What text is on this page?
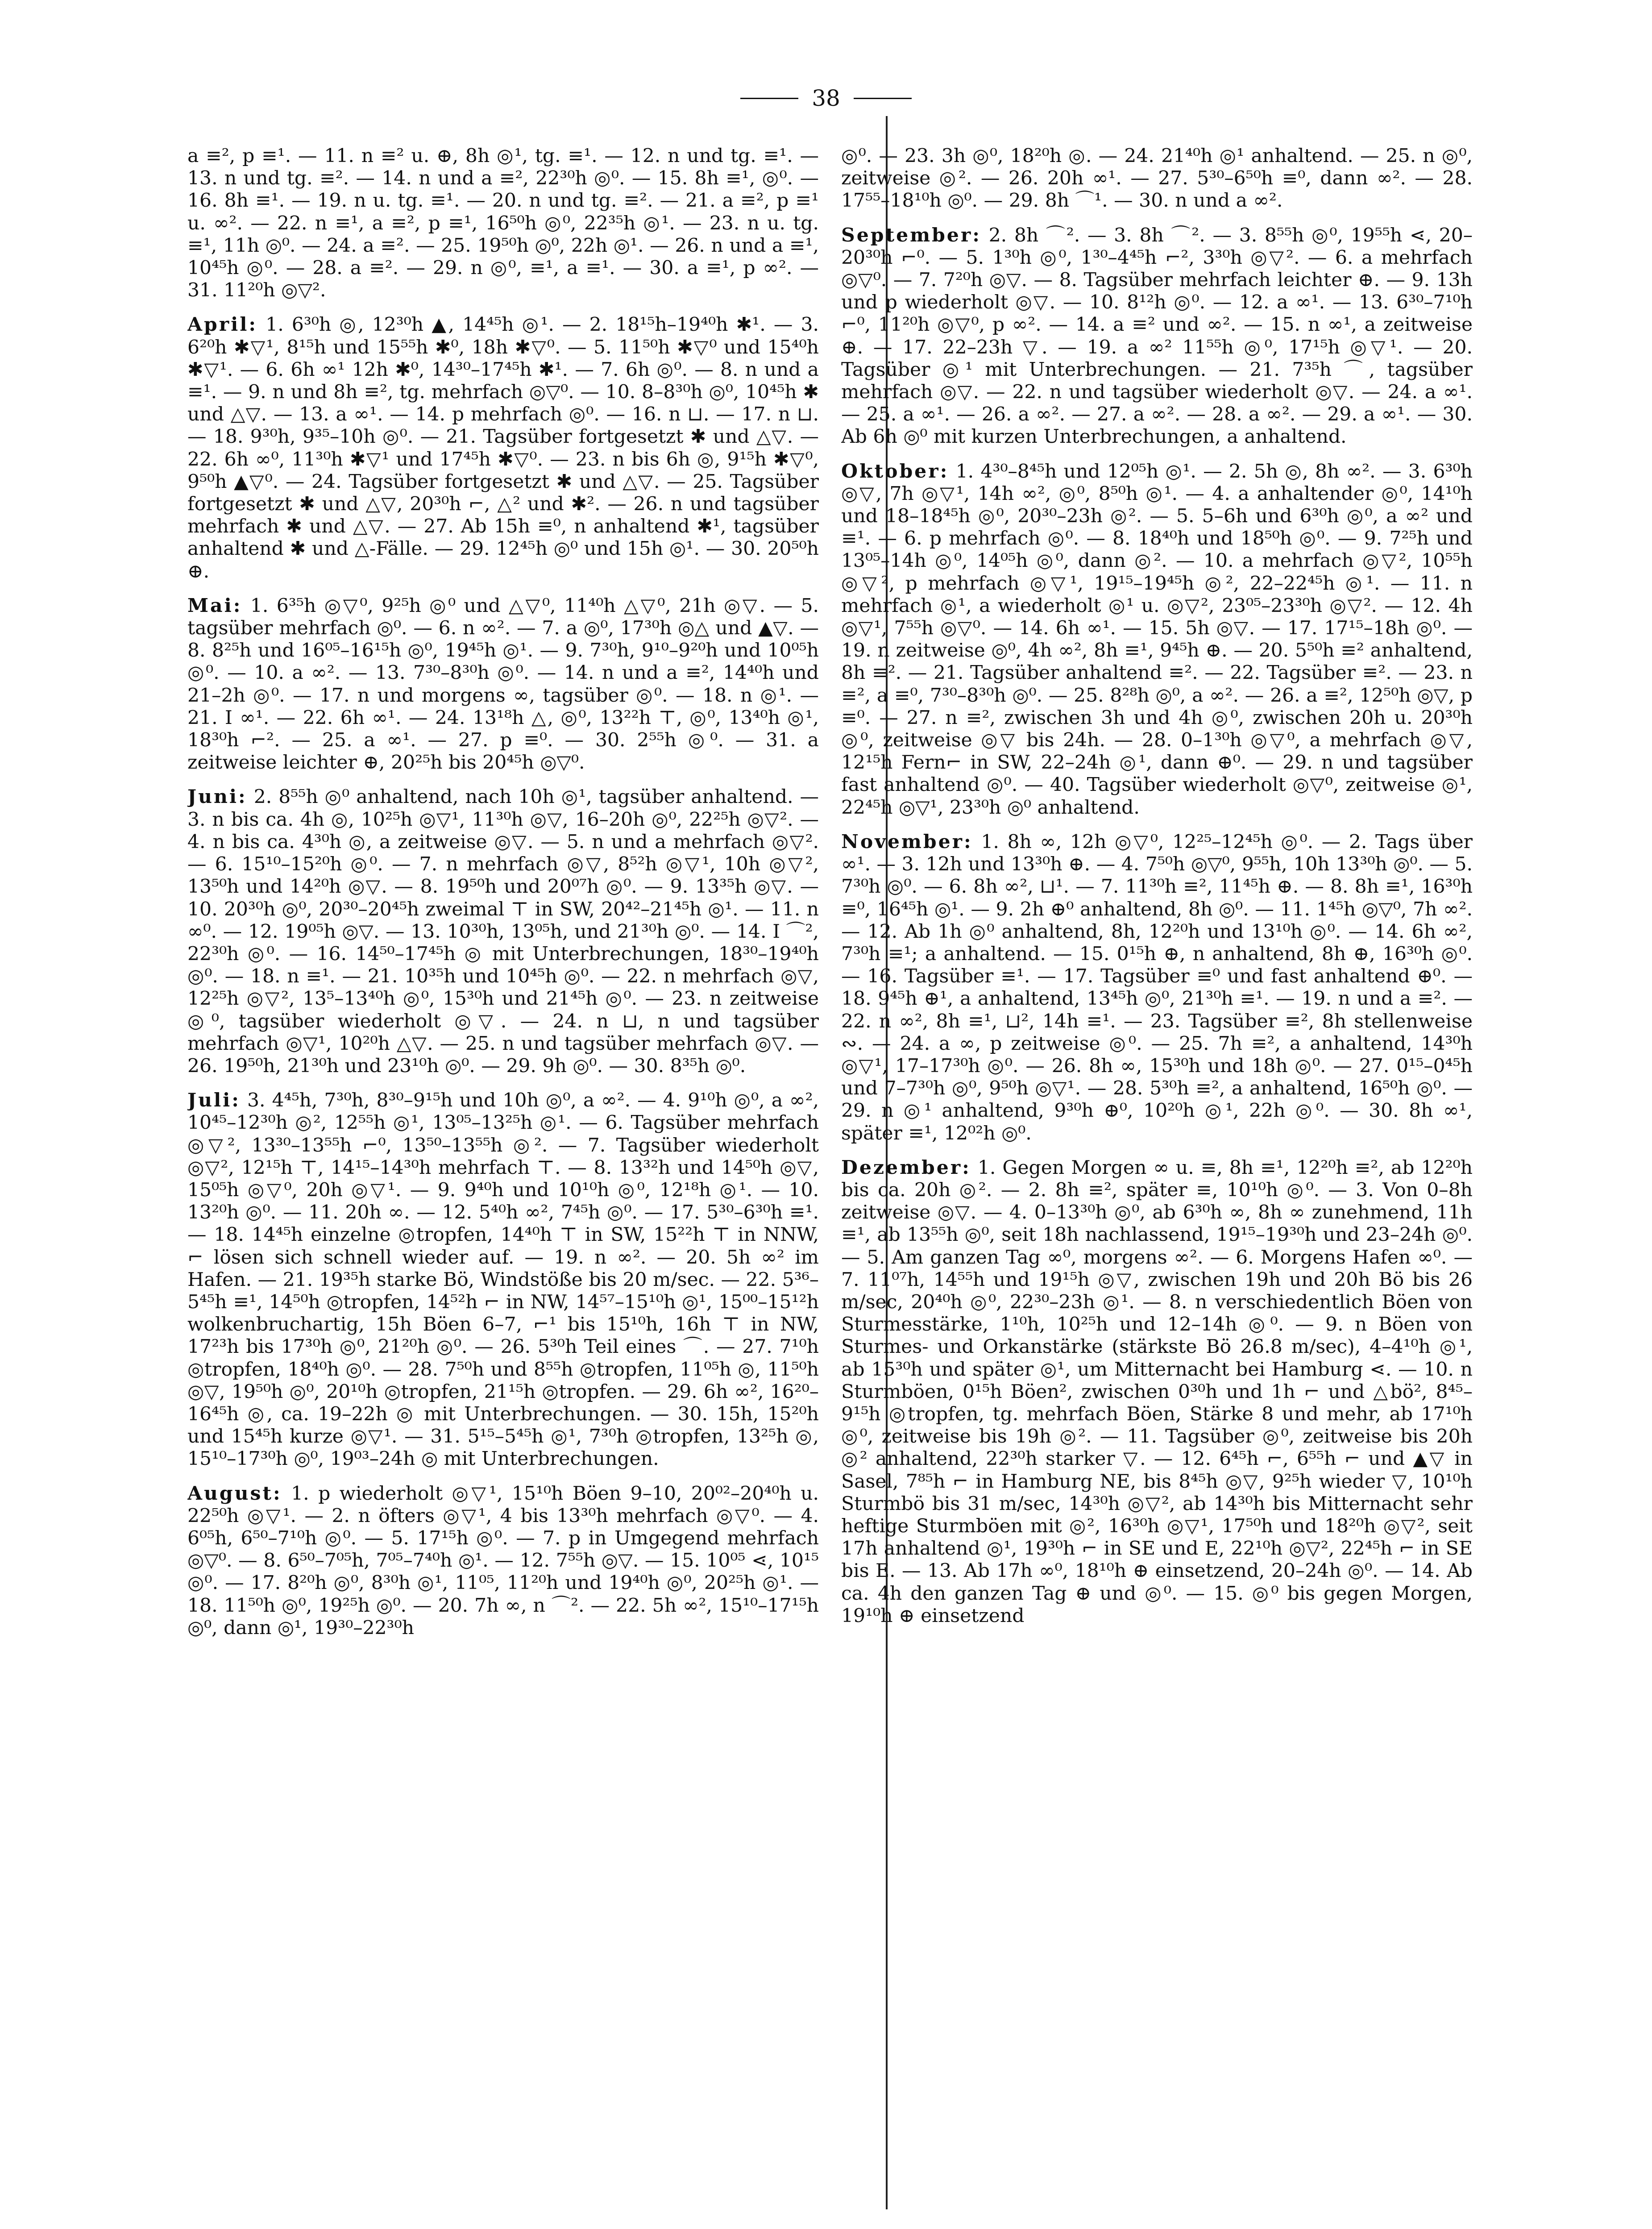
38

a ≡², p ≡¹. — 11. n ≡² u. ⊕, 8h ◎¹, tg. ≡¹. — 12. n und tg. ≡¹. — 13. n und tg. ≡². — 14. n und a ≡², 22³⁰h ◎⁰. — 15. 8h ≡¹, ◎⁰. — 16. 8h ≡¹. — 19. n u. tg. ≡¹. — 20. n und tg. ≡². — 21. a ≡², p ≡¹ u. ∞². — 22. n ≡¹, a ≡², p ≡¹, 16⁵⁰h ◎⁰, 22³⁵h ◎¹. — 23. n u. tg. ≡¹, 11h ◎⁰. — 24. a ≡². — 25. 19⁵⁰h ◎⁰, 22h ◎¹. — 26. n und a ≡¹, 10⁴⁵h ◎⁰. — 28. a ≡². — 29. n ◎⁰, ≡¹, a ≡¹. — 30. a ≡¹, p ∞². — 31. 11²⁰h ◎▽².

April: 1. 6³⁰h ◎, 12³⁰h ▲, 14⁴⁵h ◎¹. — 2. 18¹⁵h–19⁴⁰h ✱¹. — 3. 6²⁰h ✱▽¹, 8¹⁵h und 15⁵⁵h ✱⁰, 18h ✱▽⁰. — 5. 11⁵⁰h ✱▽⁰ und 15⁴⁰h ✱▽¹. — 6. 6h ∞¹ 12h ✱⁰, 14³⁰–17⁴⁵h ✱¹. — 7. 6h ◎⁰. — 8. n und a ≡¹. — 9. n und 8h ≡², tg. mehrfach ◎▽⁰. — 10. 8–8³⁰h ◎⁰, 10⁴⁵h ✱ und △▽. — 13. a ∞¹. — 14. p mehrfach ◎⁰. — 16. n ⊔. — 17. n ⊔. — 18. 9³⁰h, 9³⁵–10h ◎⁰. — 21. Tagsüber fortgesetzt ✱ und △▽. — 22. 6h ∞⁰, 11³⁰h ✱▽¹ und 17⁴⁵h ✱▽⁰. — 23. n bis 6h ◎, 9¹⁵h ✱▽⁰, 9⁵⁰h ▲▽⁰. — 24. Tagsüber fortgesetzt ✱ und △▽. — 25. Tagsüber fortgesetzt ✱ und △▽, 20³⁰h ⌐, △² und ✱². — 26. n und tagsüber mehrfach ✱ und △▽. — 27. Ab 15h ≡⁰, n anhaltend ✱¹, tagsüber anhaltend ✱ und △-Fälle. — 29. 12⁴⁵h ◎⁰ und 15h ◎¹. — 30. 20⁵⁰h ⊕.

Mai: 1. 6³⁵h ◎▽⁰, 9²⁵h ◎⁰ und △▽⁰, 11⁴⁰h △▽⁰, 21h ◎▽. — 5. tagsüber mehrfach ◎⁰. — 6. n ∞². — 7. a ◎⁰, 17³⁰h ◎△ und ▲▽. — 8. 8²⁵h und 16⁰⁵–16¹⁵h ◎⁰, 19⁴⁵h ◎¹. — 9. 7³⁰h, 9¹⁰–9²⁰h und 10⁰⁵h ◎⁰. — 10. a ∞². — 13. 7³⁰–8³⁰h ◎⁰. — 14. n und a ≡², 14⁴⁰h und 21–2h ◎⁰. — 17. n und morgens ∞, tagsüber ◎⁰. — 18. n ◎¹. — 21. I ∞¹. — 22. 6h ∞¹. — 24. 13¹⁸h △, ◎⁰, 13²²h ⊤, ◎⁰, 13⁴⁰h ◎¹, 18³⁰h ⌐². — 25. a ∞¹. — 27. p ≡⁰. — 30. 2⁵⁵h ◎⁰. — 31. a zeitweise leichter ⊕, 20²⁵h bis 20⁴⁵h ◎▽⁰.

Juni: 2. 8⁵⁵h ◎⁰ anhaltend, nach 10h ◎¹, tagsüber anhaltend. — 3. n bis ca. 4h ◎, 10²⁵h ◎▽¹, 11³⁰h ◎▽, 16–20h ◎⁰, 22²⁵h ◎▽². — 4. n bis ca. 4³⁰h ◎, a zeitweise ◎▽. — 5. n und a mehrfach ◎▽². — 6. 15¹⁰–15²⁰h ◎⁰. — 7. n mehrfach ◎▽, 8⁵²h ◎▽¹, 10h ◎▽², 13⁵⁰h und 14²⁰h ◎▽. — 8. 19⁵⁰h und 20⁰⁷h ◎⁰. — 9. 13³⁵h ◎▽. — 10. 20³⁰h ◎⁰, 20³⁰–20⁴⁵h zweimal ⊤ in SW, 20⁴²–21⁴⁵h ◎¹. — 11. n ∞⁰. — 12. 19⁰⁵h ◎▽. — 13. 10³⁰h, 13⁰⁵h, und 21³⁰h ◎⁰. — 14. I ⌒², 22³⁰h ◎⁰. — 16. 14⁵⁰–17⁴⁵h ◎ mit Unterbrechungen, 18³⁰–19⁴⁰h ◎⁰. — 18. n ≡¹. — 21. 10³⁵h und 10⁴⁵h ◎⁰. — 22. n mehrfach ◎▽, 12²⁵h ◎▽², 13⁵–13⁴⁰h ◎⁰, 15³⁰h und 21⁴⁵h ◎⁰. — 23. n zeitweise ◎⁰, tagsüber wiederholt ◎▽. — 24. n ⊔, n und tagsüber mehrfach ◎▽¹, 10²⁰h △▽. — 25. n und tagsüber mehrfach ◎▽. — 26. 19⁵⁰h, 21³⁰h und 23¹⁰h ◎⁰. — 29. 9h ◎⁰. — 30. 8³⁵h ◎⁰.

Juli: 3. 4⁴⁵h, 7³⁰h, 8³⁰–9¹⁵h und 10h ◎⁰, a ∞². — 4. 9¹⁰h ◎⁰, a ∞², 10⁴⁵–12³⁰h ◎², 12⁵⁵h ◎¹, 13⁰⁵–13²⁵h ◎¹. — 6. Tagsüber mehrfach ◎▽², 13³⁰–13⁵⁵h ⌐⁰, 13⁵⁰–13⁵⁵h ◎². — 7. Tagsüber wiederholt ◎▽², 12¹⁵h ⊤, 14¹⁵–14³⁰h mehrfach ⊤. — 8. 13³²h und 14⁵⁰h ◎▽, 15⁰⁵h ◎▽⁰, 20h ◎▽¹. — 9. 9⁴⁰h und 10¹⁰h ◎⁰, 12¹⁸h ◎¹. — 10. 13²⁰h ◎⁰. — 11. 20h ∞. — 12. 5⁴⁰h ∞², 7⁴⁵h ◎⁰. — 17. 5³⁰–6³⁰h ≡¹. — 18. 14⁴⁵h einzelne ◎tropfen, 14⁴⁰h ⊤ in SW, 15²²h ⊤ in NNW, ⌐ lösen sich schnell wieder auf. — 19. n ∞². — 20. 5h ∞² im Hafen. — 21. 19³⁵h starke Bö, Windstöße bis 20 m/sec. — 22. 5³⁶–5⁴⁵h ≡¹, 14⁵⁰h ◎tropfen, 14⁵²h ⌐ in NW, 14⁵⁷–15¹⁰h ◎¹, 15⁰⁰–15¹²h wolkenbruchartig, 15h Böen 6–7, ⌐¹ bis 15¹⁰h, 16h ⊤ in NW, 17²³h bis 17³⁰h ◎⁰, 21²⁰h ◎⁰. — 26. 5³⁰h Teil eines ⌒. — 27. 7¹⁰h ◎tropfen, 18⁴⁰h ◎⁰. — 28. 7⁵⁰h und 8⁵⁵h ◎tropfen, 11⁰⁵h ◎, 11⁵⁰h ◎▽, 19⁵⁰h ◎⁰, 20¹⁰h ◎tropfen, 21¹⁵h ◎tropfen. — 29. 6h ∞², 16²⁰–16⁴⁵h ◎, ca. 19–22h ◎ mit Unterbrechungen. — 30. 15h, 15²⁰h und 15⁴⁵h kurze ◎▽¹. — 31. 5¹⁵–5⁴⁵h ◎¹, 7³⁰h ◎tropfen, 13²⁵h ◎, 15¹⁰–17³⁰h ◎⁰, 19⁰³–24h ◎ mit Unterbrechungen.

August: 1. p wiederholt ◎▽¹, 15¹⁰h Böen 9–10, 20⁰²–20⁴⁰h u. 22⁵⁰h ◎▽¹. — 2. n öfters ◎▽¹, 4 bis 13³⁰h mehrfach ◎▽⁰. — 4. 6⁰⁵h, 6⁵⁰–7¹⁰h ◎⁰. — 5. 17¹⁵h ◎⁰. — 7. p in Umgegend mehrfach ◎▽⁰. — 8. 6⁵⁰–7⁰⁵h, 7⁰⁵–7⁴⁰h ◎¹. — 12. 7⁵⁵h ◎▽. — 15. 10⁰⁵ ⋖, 10¹⁵ ◎⁰. — 17. 8²⁰h ◎⁰, 8³⁰h ◎¹, 11⁰⁵, 11²⁰h und 19⁴⁰h ◎⁰, 20²⁵h ◎¹. — 18. 11⁵⁰h ◎⁰, 19²⁵h ◎⁰. — 20. 7h ∞, n ⌒². — 22. 5h ∞², 15¹⁰–17¹⁵h ◎⁰, dann ◎¹, 19³⁰–22³⁰h

◎⁰. — 23. 3h ◎⁰, 18²⁰h ◎. — 24. 21⁴⁰h ◎¹ anhaltend. — 25. n ◎⁰, zeitweise ◎². — 26. 20h ∞¹. — 27. 5³⁰–6⁵⁰h ≡⁰, dann ∞². — 28. 17⁵⁵–18¹⁰h ◎⁰. — 29. 8h ⌒¹. — 30. n und a ∞².

September: 2. 8h ⌒². — 3. 8h ⌒². — 3. 8⁵⁵h ◎⁰, 19⁵⁵h ⋖, 20–20³⁰h ⌐⁰. — 5. 1³⁰h ◎⁰, 1³⁰–4⁴⁵h ⌐², 3³⁰h ◎▽². — 6. a mehrfach ◎▽⁰. — 7. 7²⁰h ◎▽. — 8. Tagsüber mehrfach leichter ⊕. — 9. 13h und p wiederholt ◎▽. — 10. 8¹²h ◎⁰. — 12. a ∞¹. — 13. 6³⁰–7¹⁰h ⌐⁰, 11²⁰h ◎▽⁰, p ∞². — 14. a ≡² und ∞². — 15. n ∞¹, a zeitweise ⊕. — 17. 22–23h ▽. — 19. a ∞² 11⁵⁵h ◎⁰, 17¹⁵h ◎▽¹. — 20. Tagsüber ◎¹ mit Unterbrechungen. — 21. 7³⁵h ⌒, tagsüber mehrfach ◎▽. — 22. n und tagsüber wiederholt ◎▽. — 24. a ∞¹. — 25. a ∞¹. — 26. a ∞². — 27. a ∞². — 28. a ∞². — 29. a ∞¹. — 30. Ab 6h ◎⁰ mit kurzen Unterbrechungen, a anhaltend.

Oktober: 1. 4³⁰–8⁴⁵h und 12⁰⁵h ◎¹. — 2. 5h ◎, 8h ∞². — 3. 6³⁰h ◎▽, 7h ◎▽¹, 14h ∞², ◎⁰, 8⁵⁰h ◎¹. — 4. a anhaltender ◎⁰, 14¹⁰h und 18–18⁴⁵h ◎⁰, 20³⁰–23h ◎². — 5. 5–6h und 6³⁰h ◎⁰, a ∞² und ≡¹. — 6. p mehrfach ◎⁰. — 8. 18⁴⁰h und 18⁵⁰h ◎⁰. — 9. 7²⁵h und 13⁰⁵–14h ◎⁰, 14⁰⁵h ◎⁰, dann ◎². — 10. a mehrfach ◎▽², 10⁵⁵h ◎▽², p mehrfach ◎▽¹, 19¹⁵–19⁴⁵h ◎², 22–22⁴⁵h ◎¹. — 11. n mehrfach ◎¹, a wiederholt ◎¹ u. ◎▽², 23⁰⁵–23³⁰h ◎▽². — 12. 4h ◎▽¹, 7⁵⁵h ◎▽⁰. — 14. 6h ∞¹. — 15. 5h ◎▽. — 17. 17¹⁵–18h ◎⁰. — 19. n zeitweise ◎⁰, 4h ∞², 8h ≡¹, 9⁴⁵h ⊕. — 20. 5⁵⁰h ≡² anhaltend, 8h ≡². — 21. Tagsüber anhaltend ≡². — 22. Tagsüber ≡². — 23. n ≡², a ≡⁰, 7³⁰–8³⁰h ◎⁰. — 25. 8²⁸h ◎⁰, a ∞². — 26. a ≡², 12⁵⁰h ◎▽, p ≡⁰. — 27. n ≡², zwischen 3h und 4h ◎⁰, zwischen 20h u. 20³⁰h ◎⁰, zeitweise ◎▽ bis 24h. — 28. 0–1³⁰h ◎▽⁰, a mehrfach ◎▽, 12¹⁵h Fern⌐ in SW, 22–24h ◎¹, dann ⊕⁰. — 29. n und tagsüber fast anhaltend ◎⁰. — 40. Tagsüber wiederholt ◎▽⁰, zeitweise ◎¹, 22⁴⁵h ◎▽¹, 23³⁰h ◎⁰ anhaltend.

November: 1. 8h ∞, 12h ◎▽⁰, 12²⁵–12⁴⁵h ◎⁰. — 2. Tags über ∞¹. — 3. 12h und 13³⁰h ⊕. — 4. 7⁵⁰h ◎▽⁰, 9⁵⁵h, 10h 13³⁰h ◎⁰. — 5. 7³⁰h ◎⁰. — 6. 8h ∞², ⊔¹. — 7. 11³⁰h ≡², 11⁴⁵h ⊕. — 8. 8h ≡¹, 16³⁰h ≡⁰, 16⁴⁵h ◎¹. — 9. 2h ⊕⁰ anhaltend, 8h ◎⁰. — 11. 1⁴⁵h ◎▽⁰, 7h ∞². — 12. Ab 1h ◎⁰ anhaltend, 8h, 12²⁰h und 13¹⁰h ◎⁰. — 14. 6h ∞², 7³⁰h ≡¹; a anhaltend. — 15. 0¹⁵h ⊕, n anhaltend, 8h ⊕, 16³⁰h ◎⁰. — 16. Tagsüber ≡¹. — 17. Tagsüber ≡⁰ und fast anhaltend ⊕⁰. — 18. 9⁴⁵h ⊕¹, a anhaltend, 13⁴⁵h ◎⁰, 21³⁰h ≡¹. — 19. n und a ≡². — 22. n ∞², 8h ≡¹, ⊔², 14h ≡¹. — 23. Tagsüber ≡², 8h stellenweise ∾. — 24. a ∞, p zeitweise ◎⁰. — 25. 7h ≡², a anhaltend, 14³⁰h ◎▽¹, 17–17³⁰h ◎⁰. — 26. 8h ∞, 15³⁰h und 18h ◎⁰. — 27. 0¹⁵–0⁴⁵h und 7–7³⁰h ◎⁰, 9⁵⁰h ◎▽¹. — 28. 5³⁰h ≡², a anhaltend, 16⁵⁰h ◎⁰. — 29. n ◎¹ anhaltend, 9³⁰h ⊕⁰, 10²⁰h ◎¹, 22h ◎⁰. — 30. 8h ∞¹, später ≡¹, 12⁰²h ◎⁰.

Dezember: 1. Gegen Morgen ∞ u. ≡, 8h ≡¹, 12²⁰h ≡², ab 12²⁰h bis ca. 20h ◎². — 2. 8h ≡², später ≡, 10¹⁰h ◎⁰. — 3. Von 0–8h zeitweise ◎▽. — 4. 0–13³⁰h ◎⁰, ab 6³⁰h ∞, 8h ∞ zunehmend, 11h ≡¹, ab 13⁵⁵h ◎⁰, seit 18h nachlassend, 19¹⁵–19³⁰h und 23–24h ◎⁰. — 5. Am ganzen Tag ∞⁰, morgens ∞². — 6. Morgens Hafen ∞⁰. — 7. 11⁰⁷h, 14⁵⁵h und 19¹⁵h ◎▽, zwischen 19h und 20h Bö bis 26 m/sec, 20⁴⁰h ◎⁰, 22³⁰–23h ◎¹. — 8. n verschiedentlich Böen von Sturmesstärke, 1¹⁰h, 10²⁵h und 12–14h ◎⁰. — 9. n Böen von Sturmes- und Orkanstärke (stärkste Bö 26.8 m/sec), 4–4¹⁰h ◎¹, ab 15³⁰h und später ◎¹, um Mitternacht bei Hamburg ⋖. — 10. n Sturmböen, 0¹⁵h Böen², zwischen 0³⁰h und 1h ⌐ und △bö², 8⁴⁵–9¹⁵h ◎tropfen, tg. mehrfach Böen, Stärke 8 und mehr, ab 17¹⁰h ◎⁰, zeitweise bis 19h ◎². — 11. Tagsüber ◎⁰, zeitweise bis 20h ◎² anhaltend, 22³⁰h starker ▽. — 12. 6⁴⁵h ⌐, 6⁵⁵h ⌐ und ▲▽ in Sasel, 7⁸⁵h ⌐ in Hamburg NE, bis 8⁴⁵h ◎▽, 9²⁵h wieder ▽, 10¹⁰h Sturmbö bis 31 m/sec, 14³⁰h ◎▽², ab 14³⁰h bis Mitternacht sehr heftige Sturmböen mit ◎², 16³⁰h ◎▽¹, 17⁵⁰h und 18²⁰h ◎▽², seit 17h anhaltend ◎¹, 19³⁰h ⌐ in SE und E, 22¹⁰h ◎▽², 22⁴⁵h ⌐ in SE bis E. — 13. Ab 17h ∞⁰, 18¹⁰h ⊕ einsetzend, 20–24h ◎⁰. — 14. Ab ca. 4h den ganzen Tag ⊕ und ◎⁰. — 15. ◎⁰ bis gegen Morgen, 19¹⁰h ⊕ einsetzend
